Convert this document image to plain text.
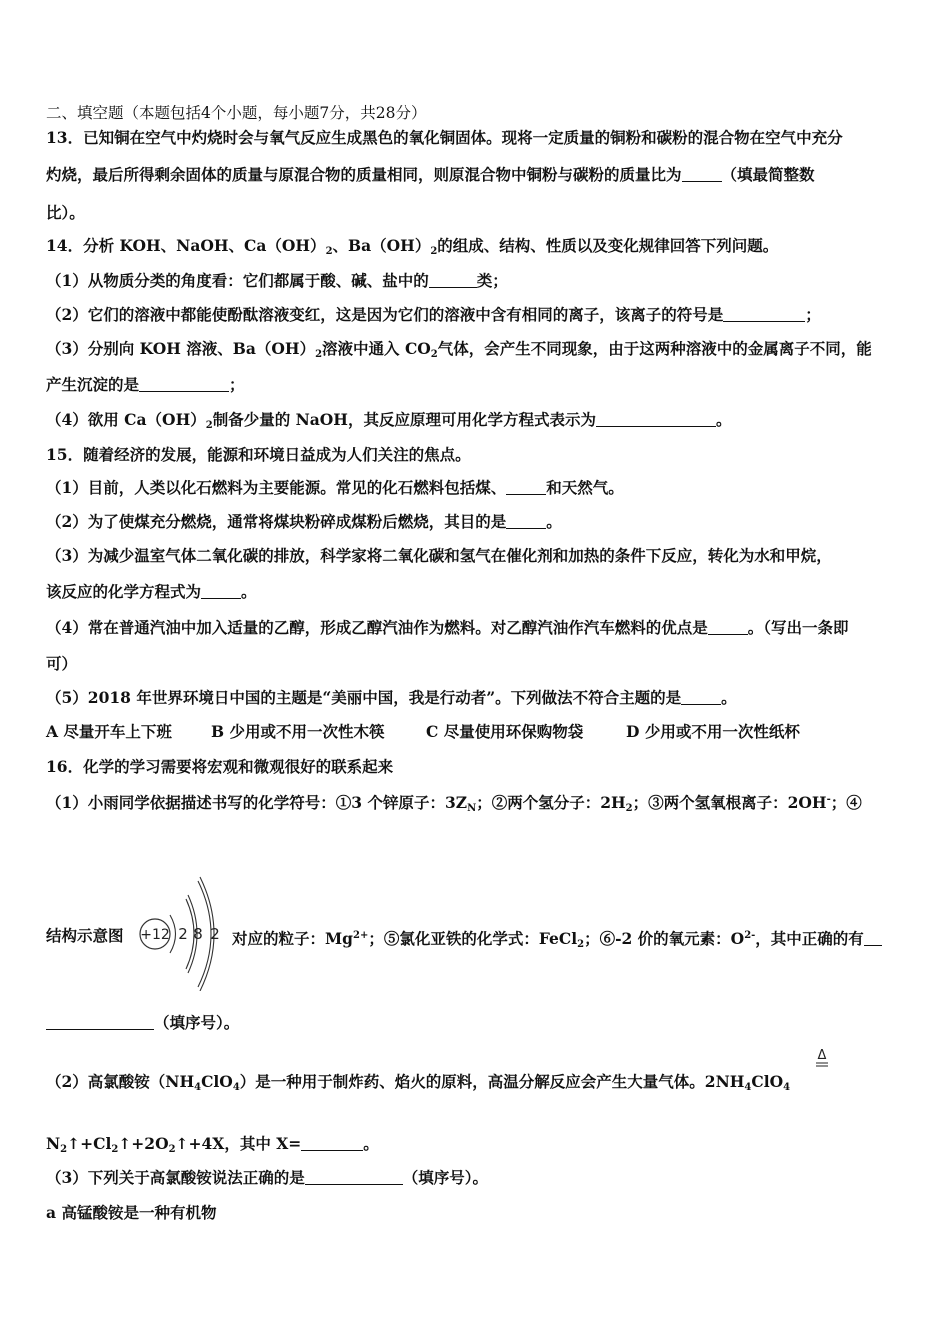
二、填空题（本题包括4个小题，每小题7分，共28分）
13．已知铜在空气中灼烧时会与氧气反应生成黑色的氧化铜固体。现将一定质量的铜粉和碳粉的混合物在空气中充分
灼烧，最后所得剩余固体的质量与原混合物的质量相同，则原混合物中铜粉与碳粉的质量比为	（填最简整数
比）。
14．分析 KOH、NaOH、$Ca(OH)_2$、$Ba(OH)_2$的组成、结构、性质以及变化规律回答下列问题。
（1）从物质分类的角度看：它们都属于酸、碱、盐中的	类；
（2）它们的溶液中都能使酚酞溶液变红，这是因为它们的溶液中含有相同的离子，该离子的符号是	；
（3）分别向 KOH 溶液、$Ba(OH)_2$溶液中通入 $CO_2$气体，会产生不同现象，由于这两种溶液中的金属离子不同，能
产生沉淀的是	；
（4）欲用 $Ca(OH)_2$制备少量的 NaOH，其反应原理可用化学方程式表示为	。
15．随着经济的发展，能源和环境日益成为人们关注的焦点。
（1）目前，人类以化石燃料为主要能源。常见的化石燃料包括煤、	和天然气。
（2）为了使煤充分燃烧，通常将煤块粉碎成煤粉后燃烧，其目的是	。
（3）为减少温室气体二氧化碳的排放，科学家将二氧化碳和氢气在催化剂和加热的条件下反应，转化为水和甲烷，
该反应的化学方程式为	。
（4）常在普通汽油中加入适量的乙醇，形成乙醇汽油作为燃料。对乙醇汽油作汽车燃料的优点是	。（写出一条即
可）
（5）2018 年世界环境日中国的主题是“美丽中国，我是行动者”。下列做法不符合主题的是	。
A 尽量开车上下班	B 少用或不用一次性木筷	C 尽量使用环保购物袋	D 少用或不用一次性纸杯
16．化学的学习需要将宏观和微观很好的联系起来
（1）小雨同学依据描述书写的化学符号：①3 个锌原子：$3Z_N$；②两个氢分子：$2H_2$；③两个氢氧根离子：2OH-；④
结构示意图 +12 2 8 2 对应的粒子：$Mg^{2+}$；⑤氯化亚铁的化学式：FeCl$_2$；⑥-2 价的氧元素：$O^{2-}$，其中正确的有
（填序号）。
（2）高氯酸铵$(NH_4ClO_4)$是一种用于制炸药、焰火的原料，高温分解反应会产生大量气体。$2NH_4ClO_4$
Δ
$N_2↑+Cl_2↑+2O_2↑+4X$，其中 X=	。
（3）下列关于高氯酸铵说法正确的是	（填序号）。
a 高锰酸铵是一种有机物
